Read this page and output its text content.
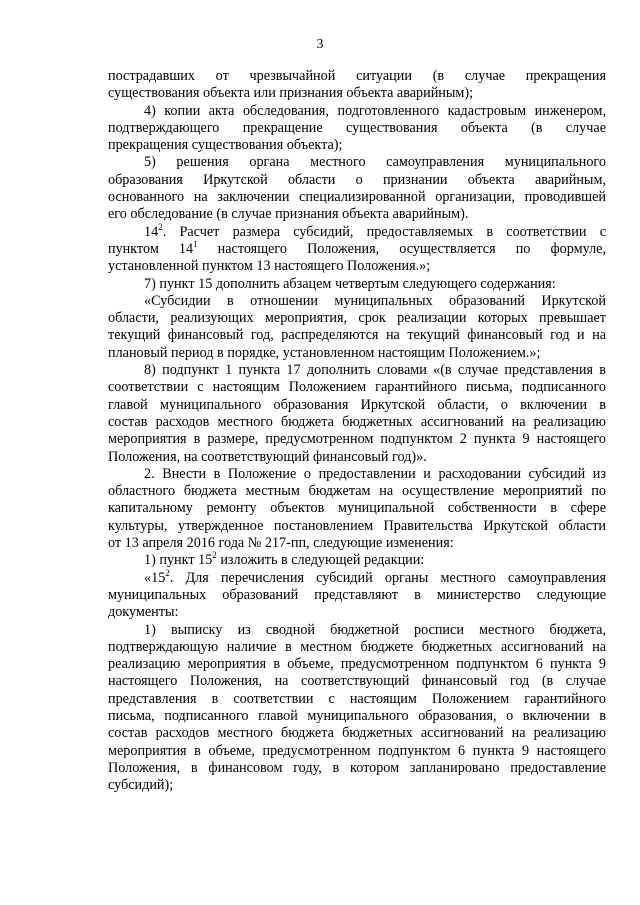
3
пострадавших от чрезвычайной ситуации (в случае прекращения
существования объекта или признания объекта аварийным);
4) копии акта обследования, подготовленного кадастровым инженером,
подтверждающего прекращение существования объекта (в случае
прекращения существования объекта);
5) решения органа местного самоуправления муниципального
образования Иркутской области о признании объекта аварийным,
основанного на заключении специализированной организации, проводившей
его обследование (в случае признания объекта аварийным).
$14^2$. Расчет размера субсидий, предоставляемых в соответствии с
пунктом $14^1$ настоящего Положения, осуществляется по формуле,
установленной пунктом 13 настоящего Положения.»;
7) пункт 15 дополнить абзацем четвертым следующего содержания:
«Субсидии в отношении муниципальных образований Иркутской
области, реализующих мероприятия, срок реализации которых превышает
текущий финансовый год, распределяются на текущий финансовый год и на
плановый период в порядке, установленном настоящим Положением.»;
8) подпункт 1 пункта 17 дополнить словами «(в случае представления в
соответствии с настоящим Положением гарантийного письма, подписанного
главой муниципального образования Иркутской области, о включении в
состав расходов местного бюджета бюджетных ассигнований на реализацию
мероприятия в размере, предусмотренном подпунктом 2 пункта 9 настоящего
Положения, на соответствующий финансовый год)».
2. Внести в Положение о предоставлении и расходовании субсидий из
областного бюджета местным бюджетам на осуществление мероприятий по
капитальному ремонту объектов муниципальной собственности в сфере
культуры, утвержденное постановлением Правительства Иркутской области
от 13 апреля 2016 года № 217-пп, следующие изменения:
1) пункт $15^2$ изложить в следующей редакции:
«$15^2$. Для перечисления субсидий органы местного самоуправления
муниципальных образований представляют в министерство следующие
документы:
1) выписку из сводной бюджетной росписи местного бюджета,
подтверждающую наличие в местном бюджете бюджетных ассигнований на
реализацию мероприятия в объеме, предусмотренном подпунктом 6 пункта 9
настоящего Положения, на соответствующий финансовый год (в случае
представления в соответствии с настоящим Положением гарантийного
письма, подписанного главой муниципального образования, о включении в
состав расходов местного бюджета бюджетных ассигнований на реализацию
мероприятия в объеме, предусмотренном подпунктом 6 пункта 9 настоящего
Положения, в финансовом году, в котором запланировано предоставление
субсидий);
